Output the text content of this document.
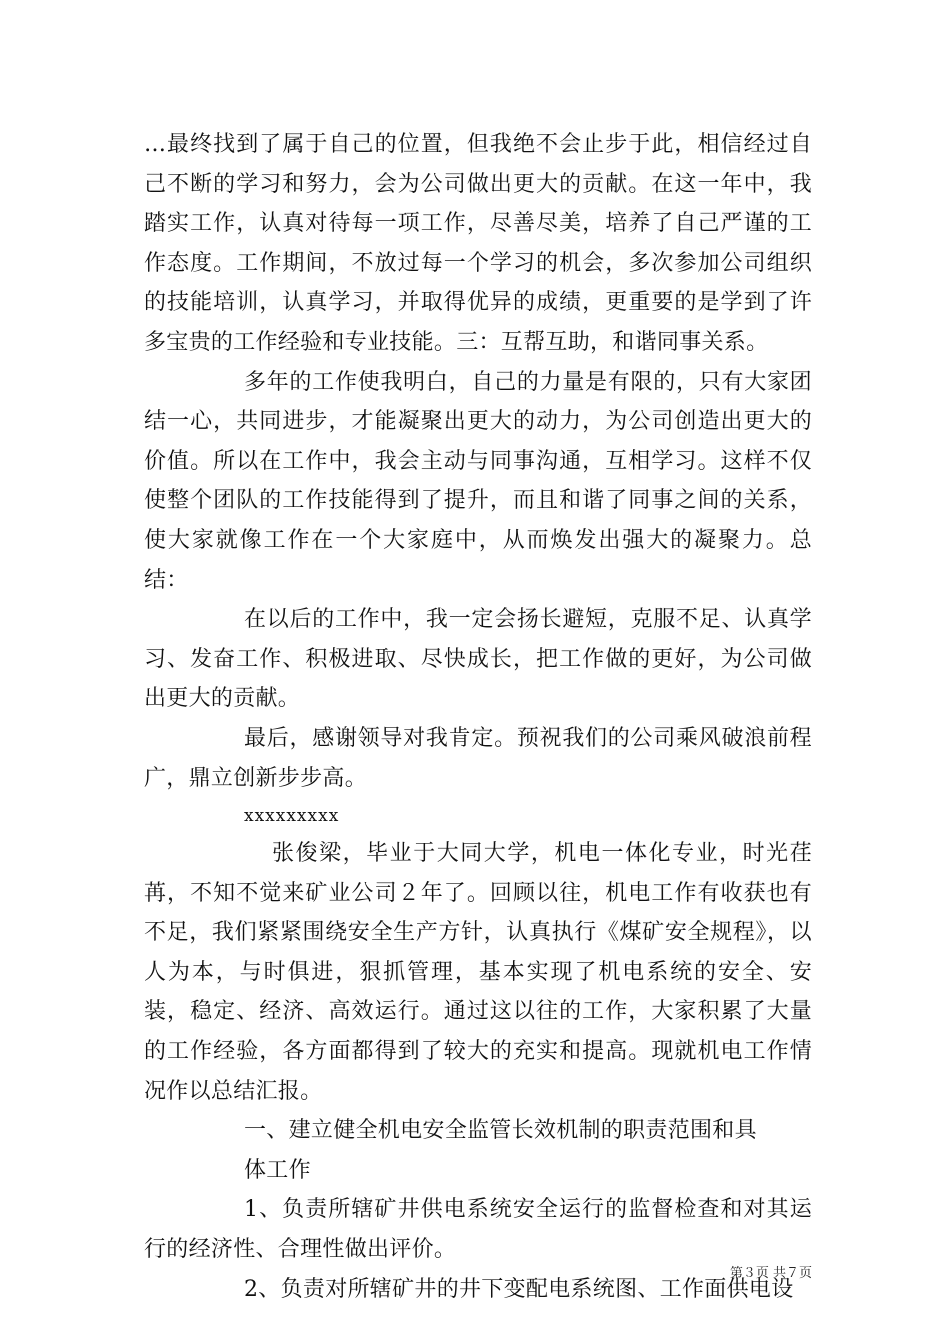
…最终找到了属于自己的位置，但我绝不会止步于此，相信经过自己不断的学习和努力，会为公司做出更大的贡献。在这一年中，我踏实工作，认真对待每一项工作，尽善尽美，培养了自己严谨的工作态度。工作期间，不放过每一个学习的机会，多次参加公司组织的技能培训，认真学习，并取得优异的成绩，更重要的是学到了许多宝贵的工作经验和专业技能。三：互帮互助，和谐同事关系。

多年的工作使我明白，自己的力量是有限的，只有大家团结一心，共同进步，才能凝聚出更大的动力，为公司创造出更大的价值。所以在工作中，我会主动与同事沟通，互相学习。这样不仅使整个团队的工作技能得到了提升，而且和谐了同事之间的关系，使大家就像工作在一个大家庭中，从而焕发出强大的凝聚力。总结：

在以后的工作中，我一定会扬长避短，克服不足、认真学习、发奋工作、积极进取、尽快成长，把工作做的更好，为公司做出更大的贡献。

最后，感谢领导对我肯定。预祝我们的公司乘风破浪前程广，鼎立创新步步高。

xxxxxxxxx

张俊梁，毕业于大同大学，机电一体化专业，时光荏苒，不知不觉来矿业公司２年了。回顾以往，机电工作有收获也有不足，我们紧紧围绕安全生产方针，认真执行《煤矿安全规程》，以人为本，与时俱进，狠抓管理，基本实现了机电系统的安全、安装，稳定、经济、高效运行。通过这以往的工作，大家积累了大量的工作经验，各方面都得到了较大的充实和提高。现就机电工作情况作以总结汇报。

一、建立健全机电安全监管长效机制的职责范围和具

体工作

1、负责所辖矿井供电系统安全运行的监督检查和对其运行的经济性、合理性做出评价。

2、负责对所辖矿井的井下变配电系统图、工作面供电设

第３页 共７页
